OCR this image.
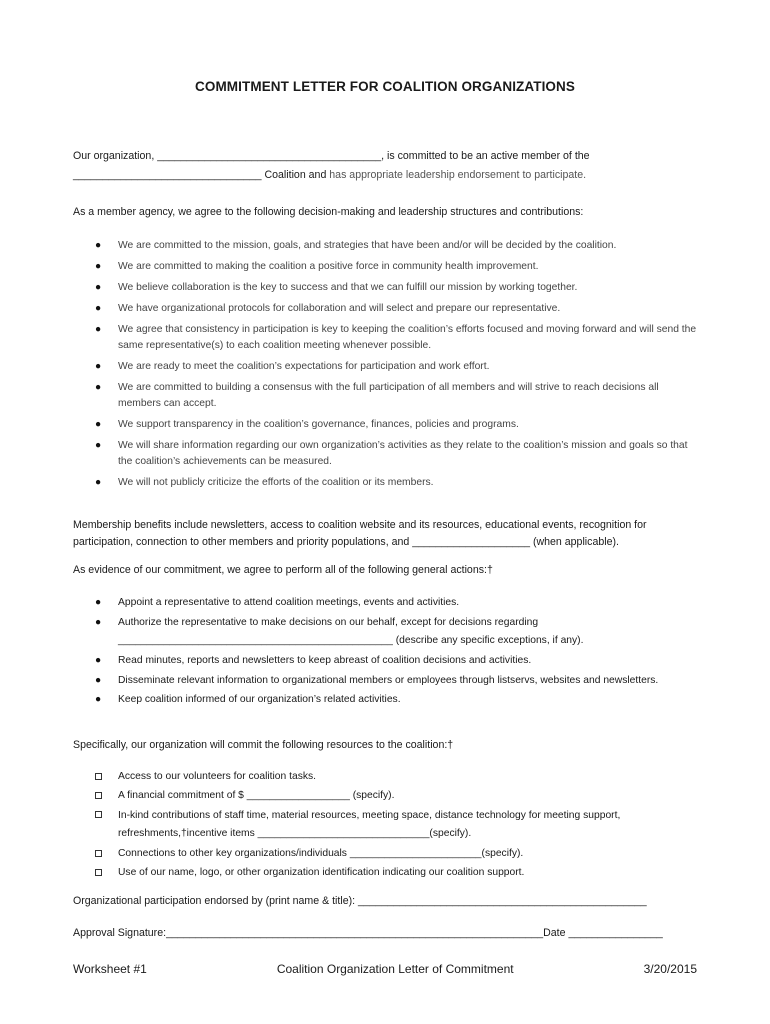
COMMITMENT LETTER FOR COALITION ORGANIZATIONS
Our organization, ______________________________________, is committed to be an active member of the
________________________________ Coalition and has appropriate leadership endorsement to participate.
As a member agency, we agree to the following decision-making and leadership structures and contributions:
● We are committed to the mission, goals, and strategies that have been and/or will be decided by the coalition.
● We are committed to making the coalition a positive force in community health improvement.
● We believe collaboration is the key to success and that we can fulfill our mission by working together.
● We have organizational protocols for collaboration and will select and prepare our representative.
● We agree that consistency in participation is key to keeping the coalition’s efforts focused and moving forward and will send the same representative(s) to each coalition meeting whenever possible.
● We are ready to meet the coalition’s expectations for participation and work effort.
● We are committed to building a consensus with the full participation of all members and will strive to reach decisions all members can accept.
● We support transparency in the coalition’s governance, finances, policies and programs.
● We will share information regarding our own organization’s activities as they relate to the coalition’s mission and goals so that the coalition’s achievements can be measured.
● We will not publicly criticize the efforts of the coalition or its members.
Membership benefits include newsletters, access to coalition website and its resources, educational events, recognition for participation, connection to other members and priority populations, and ____________________ (when applicable).
As evidence of our commitment, we agree to perform all of the following general actions:†
● Appoint a representative to attend coalition meetings, events and activities.
● Authorize the representative to make decisions on our behalf, except for decisions regarding ________________________________________________ (describe any specific exceptions, if any).
● Read minutes, reports and newsletters to keep abreast of coalition decisions and activities.
● Disseminate relevant information to organizational members or employees through listservs, websites and newsletters.
● Keep coalition informed of our organization’s related activities.
Specifically, our organization will commit the following resources to the coalition:†
Access to our volunteers for coalition tasks.
A financial commitment of $ __________________ (specify).
In-kind contributions of staff time, material resources, meeting space, distance technology for meeting support, refreshments,†incentive items ______________________________(specify).
Connections to other key organizations/individuals _______________________(specify).
Use of our name, logo, or other organization identification indicating our coalition support.
Organizational participation endorsed by (print name & title): _________________________________________________
Approval Signature:________________________________________________________________Date ________________
Worksheet #1	Coalition Organization Letter of Commitment	3/20/2015
